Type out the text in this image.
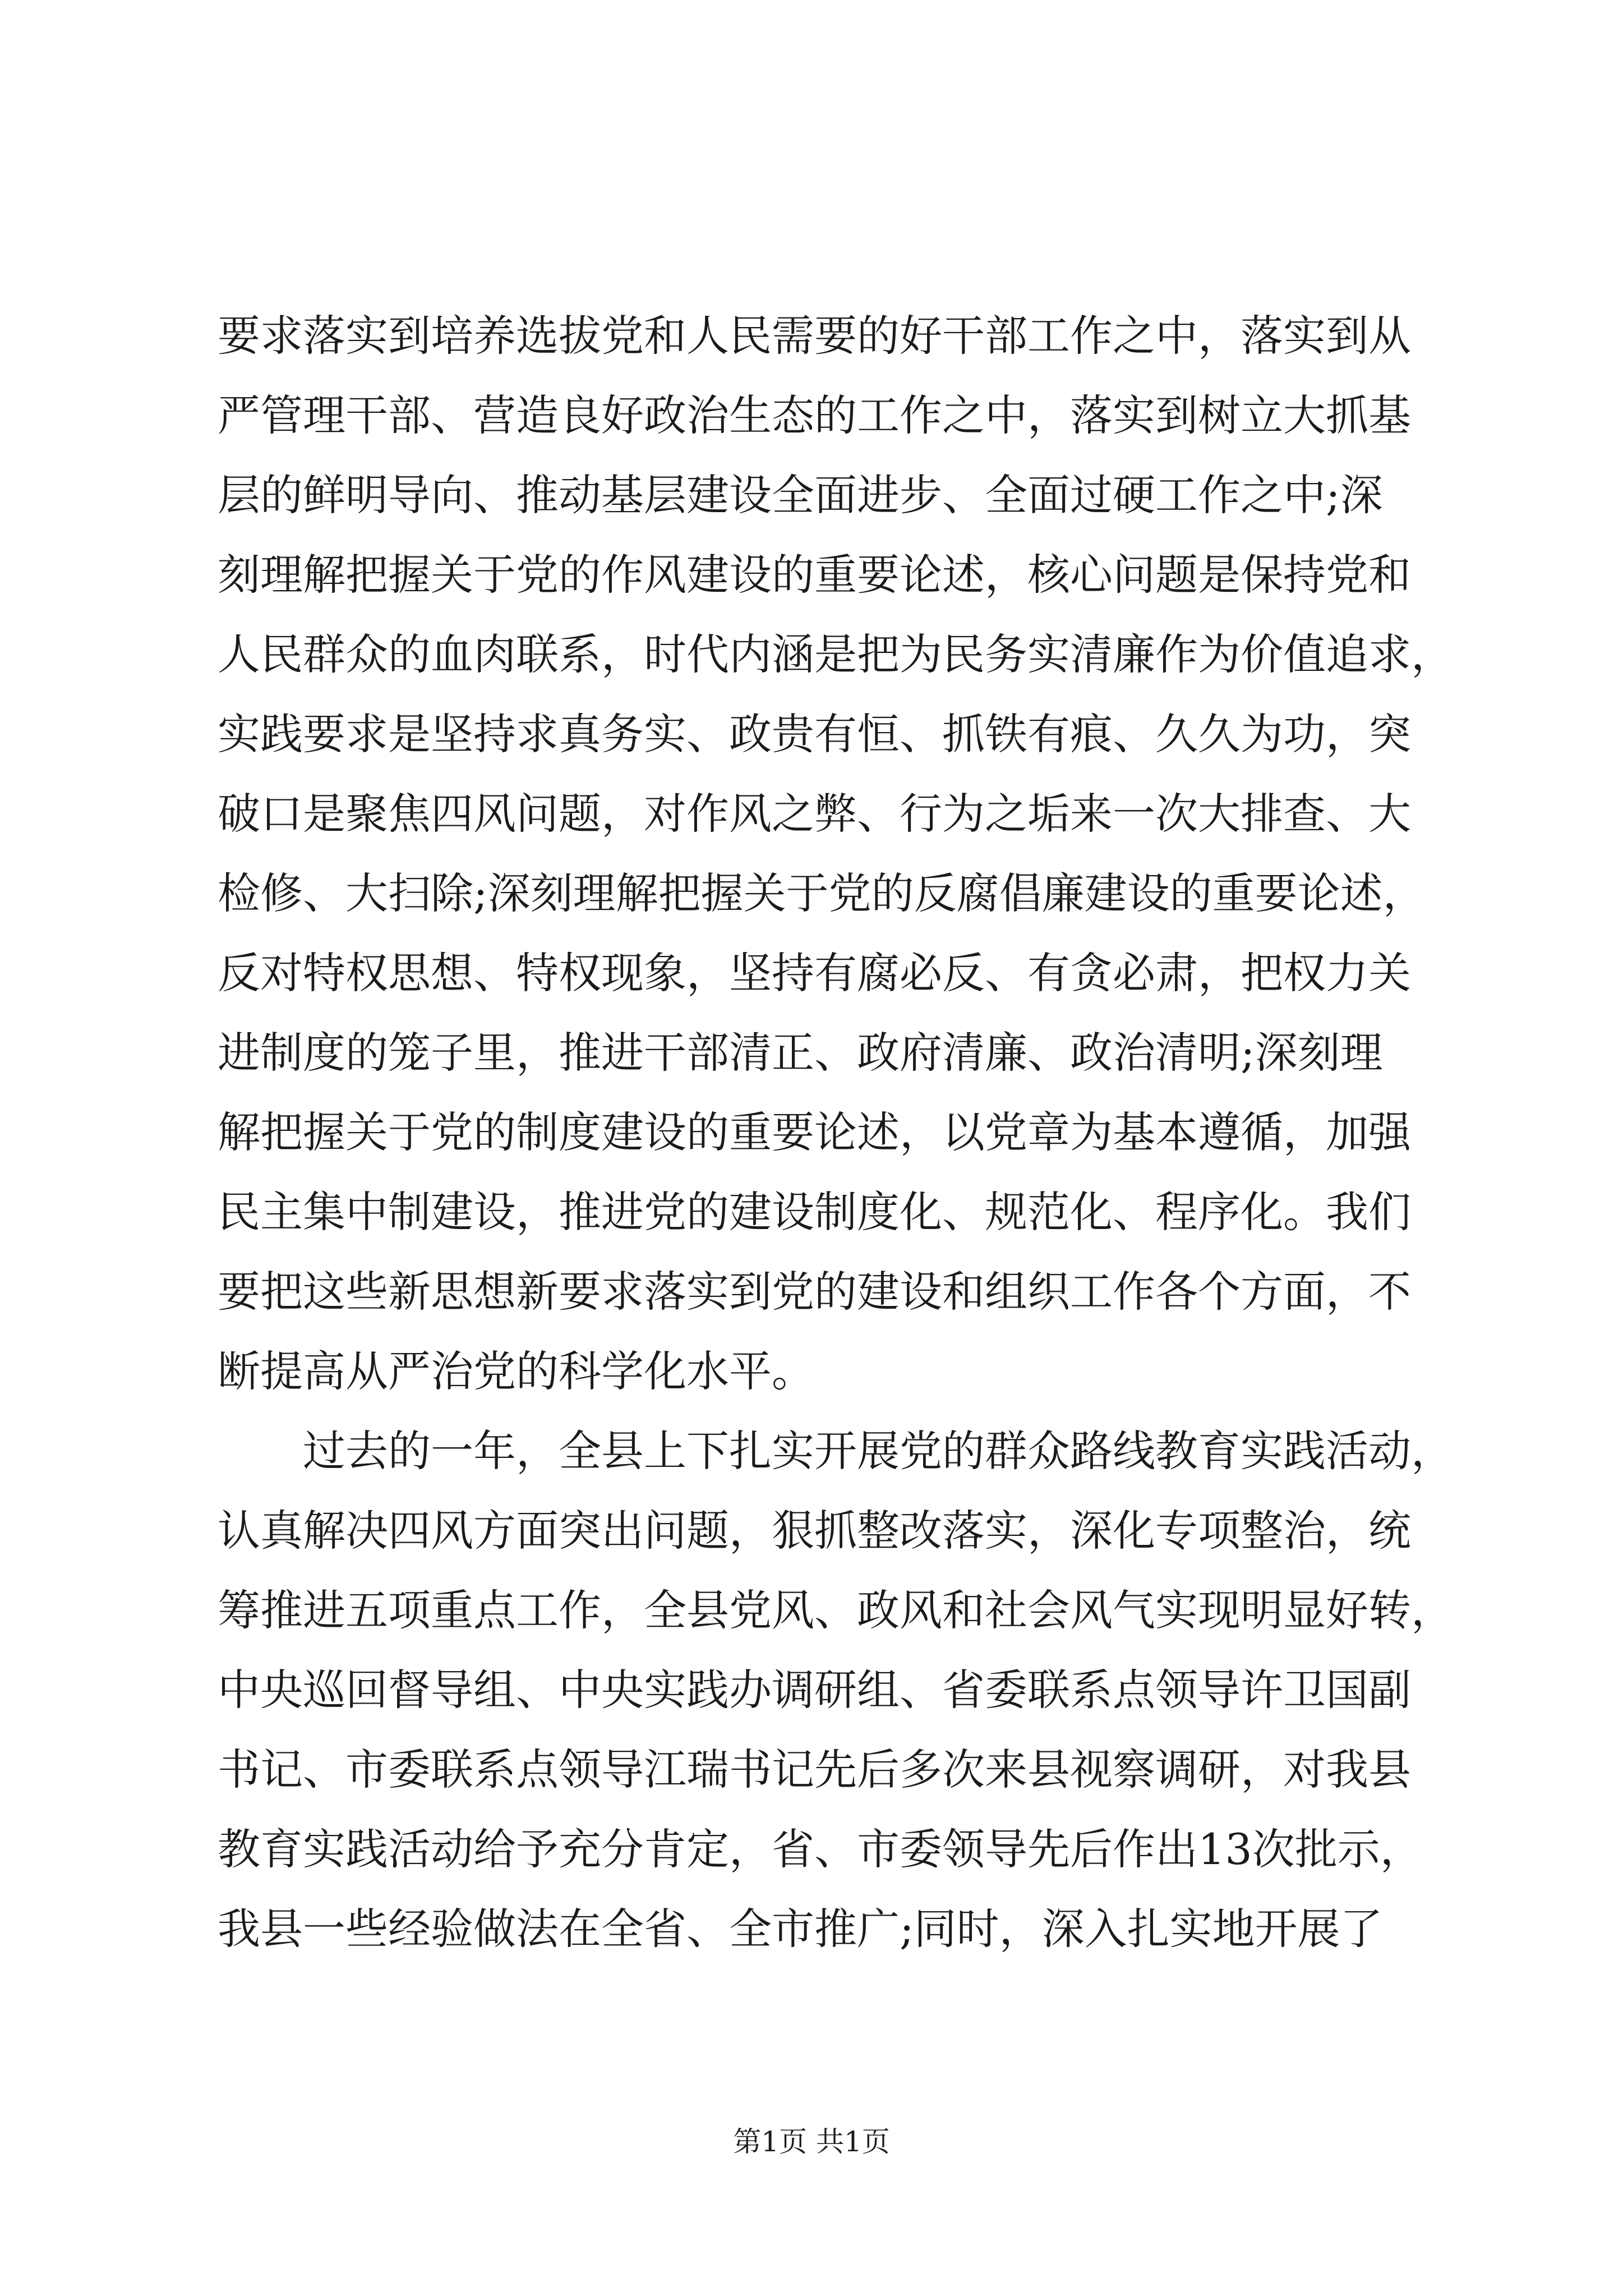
要求落实到培养选拔党和人民需要的好干部工作之中，落实到从
严管理干部、营造良好政治生态的工作之中，落实到树立大抓基
层的鲜明导向、推动基层建设全面进步、全面过硬工作之中;深
刻理解把握关于党的作风建设的重要论述，核心问题是保持党和
人民群众的血肉联系，时代内涵是把为民务实清廉作为价值追求，
实践要求是坚持求真务实、政贵有恒、抓铁有痕、久久为功，突
破口是聚焦四风问题，对作风之弊、行为之垢来一次大排查、大
检修、大扫除;深刻理解把握关于党的反腐倡廉建设的重要论述，
反对特权思想、特权现象，坚持有腐必反、有贪必肃，把权力关
进制度的笼子里，推进干部清正、政府清廉、政治清明;深刻理
解把握关于党的制度建设的重要论述，以党章为基本遵循，加强
民主集中制建设，推进党的建设制度化、规范化、程序化。我们
要把这些新思想新要求落实到党的建设和组织工作各个方面，不
断提高从严治党的科学化水平。
过去的一年，全县上下扎实开展党的群众路线教育实践活动，
认真解决四风方面突出问题，狠抓整改落实，深化专项整治，统
筹推进五项重点工作，全县党风、政风和社会风气实现明显好转，
中央巡回督导组、中央实践办调研组、省委联系点领导许卫国副
书记、市委联系点领导江瑞书记先后多次来县视察调研，对我县
教育实践活动给予充分肯定，省、市委领导先后作出13次批示，
我县一些经验做法在全省、全市推广;同时，深入扎实地开展了
第1页 共1页
